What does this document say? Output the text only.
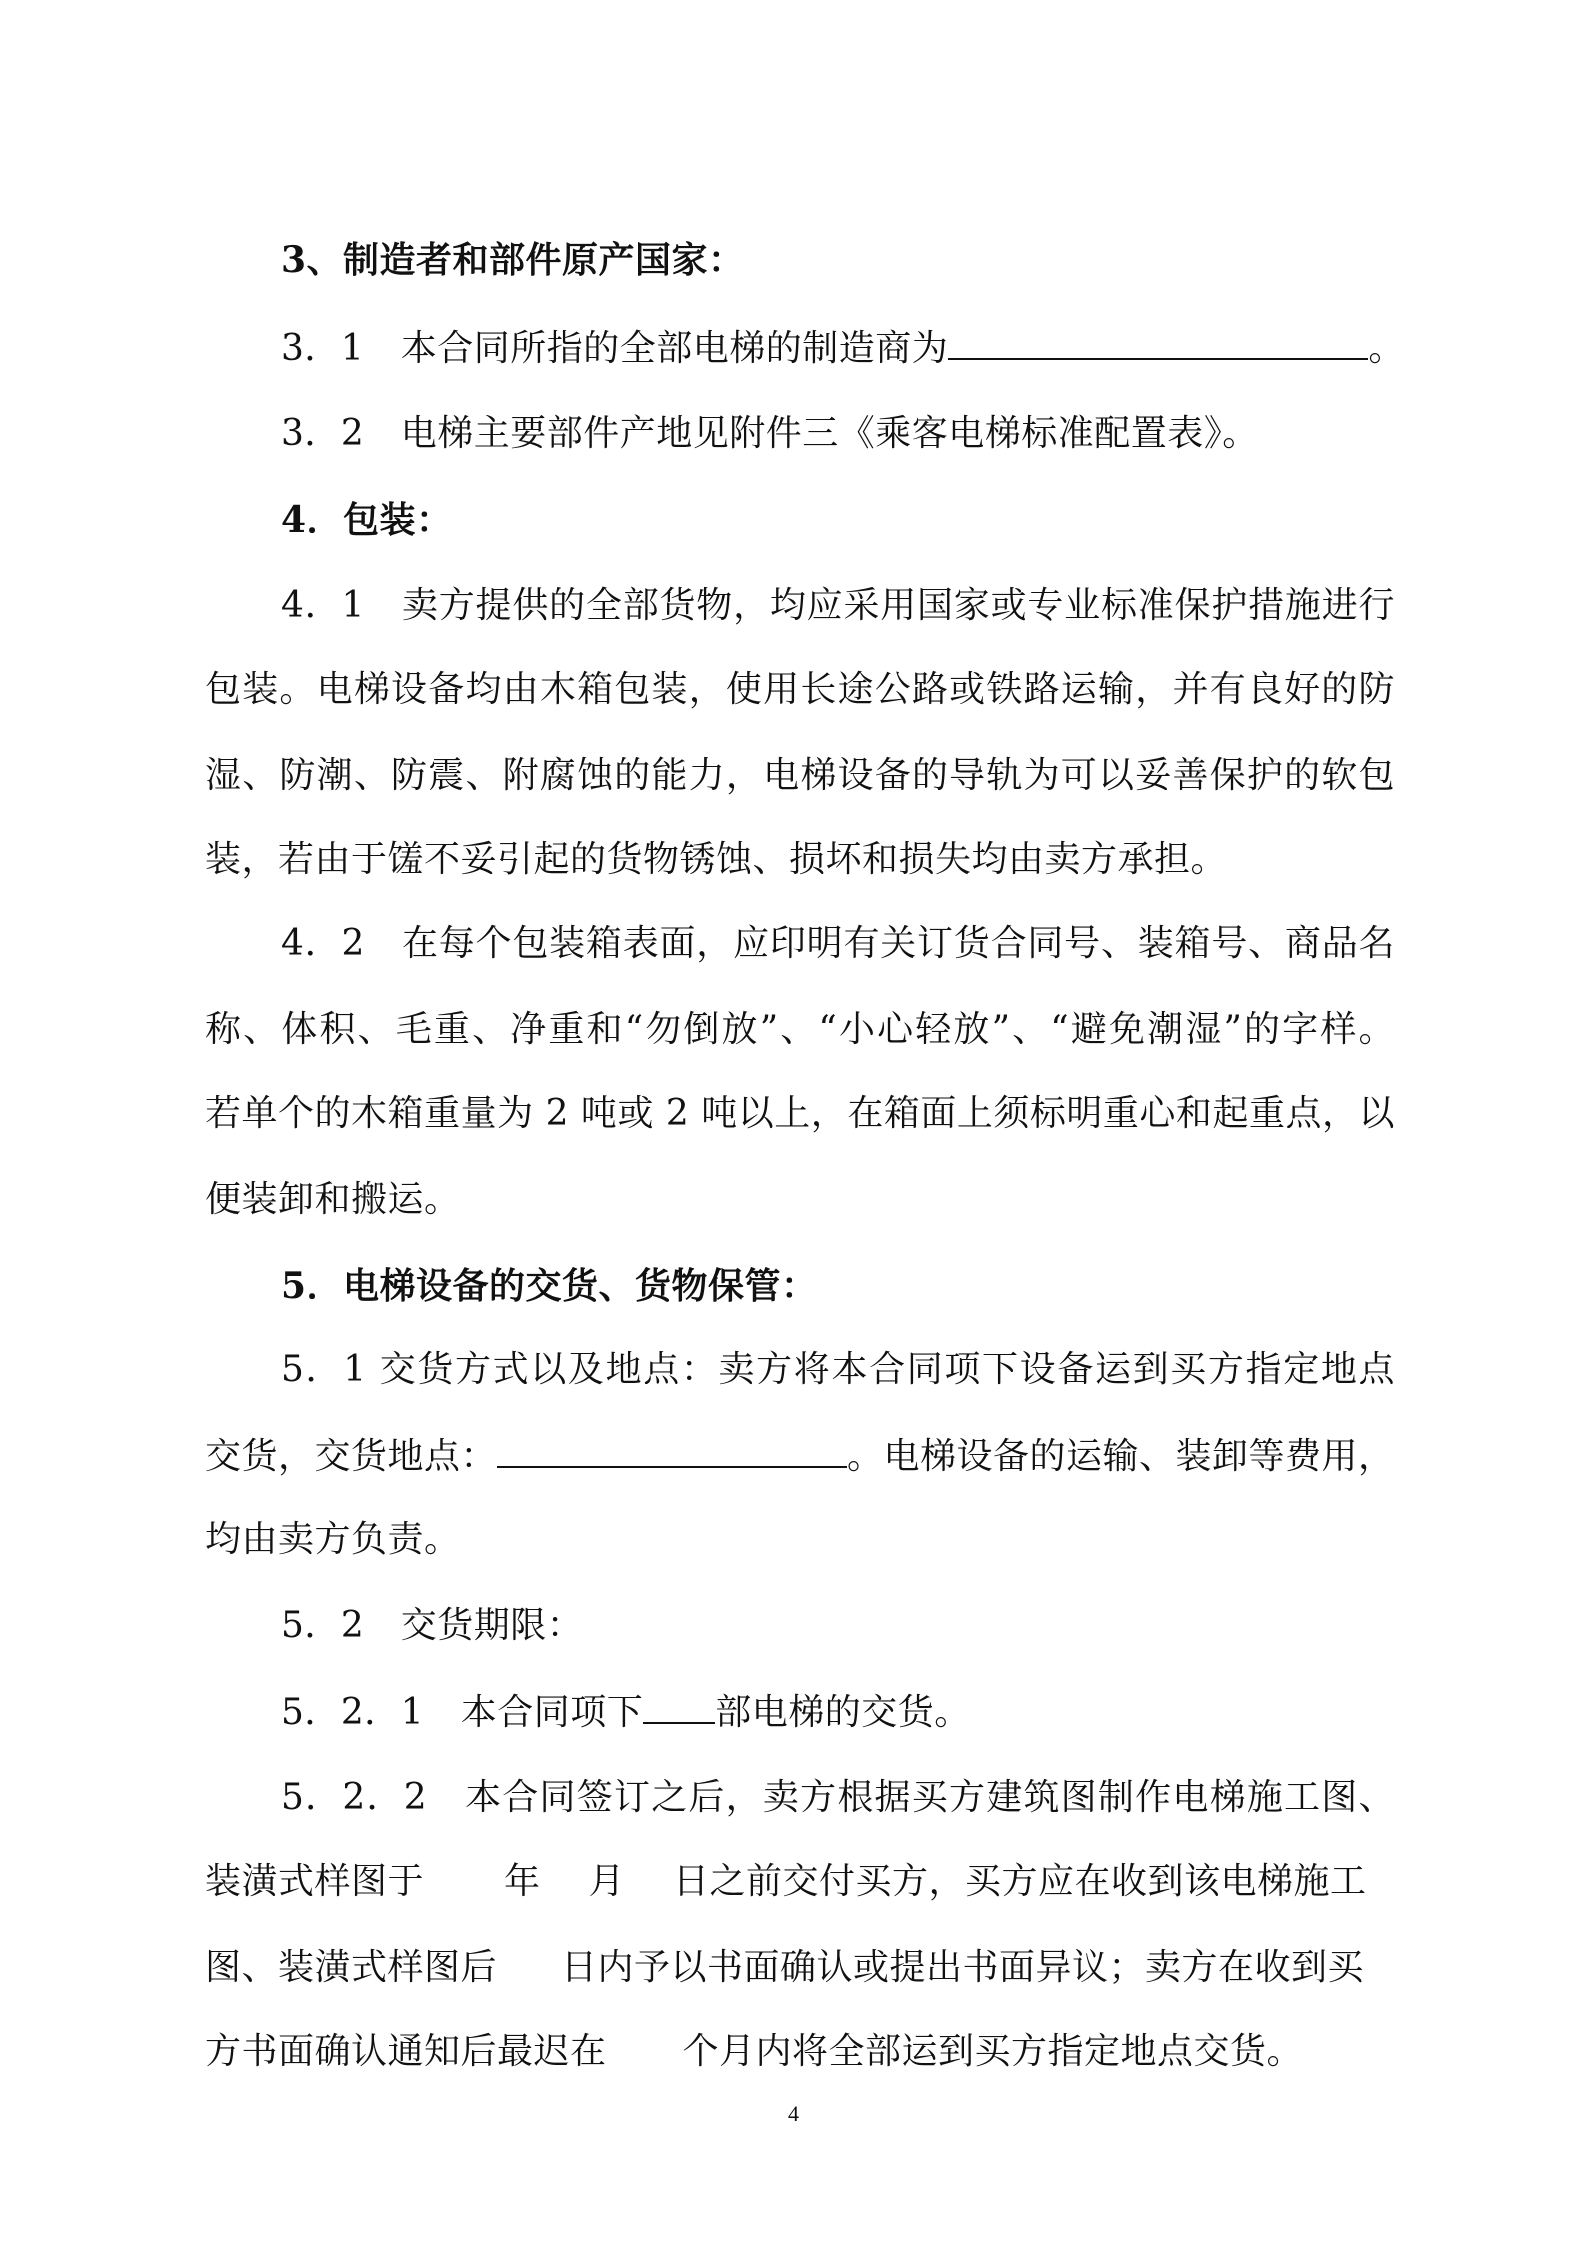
3、制造者和部件原产国家：
3．1　本合同所指的全部电梯的制造商为	。
3．2　电梯主要部件产地见附件三《乘客电梯标准配置表》。
4．包装：
4．1　卖方提供的全部货物，均应采用国家或专业标准保护措施进行
包装。电梯设备均由木箱包装，使用长途公路或铁路运输，并有良好的防
湿、防潮、防震、附腐蚀的能力，电梯设备的导轨为可以妥善保护的软包
装，若由于馐不妥引起的货物锈蚀、损坏和损失均由卖方承担。
4．2　在每个包装箱表面，应印明有关订货合同号、装箱号、商品名
称、体积、毛重、净重和“勿倒放”、“小心轻放”、“避免潮湿”的字样。
若单个的木箱重量为 2 吨或 2 吨以上，在箱面上须标明重心和起重点，以
便装卸和搬运。
5．电梯设备的交货、货物保管：
5．1 交货方式以及地点：卖方将本合同项下设备运到买方指定地点
交货，交货地点：	。电梯设备的运输、装卸等费用，
均由卖方负责。
5．2　交货期限：
5．2．1　本合同项下 部电梯的交货。
5．2．2　本合同签订之后，卖方根据买方建筑图制作电梯施工图、
装潢式样图于 年 月 日之前交付买方，买方应在收到该电梯施工
图、装潢式样图后 日内予以书面确认或提出书面异议；卖方在收到买
方书面确认通知后最迟在 个月内将全部运到买方指定地点交货。
4
